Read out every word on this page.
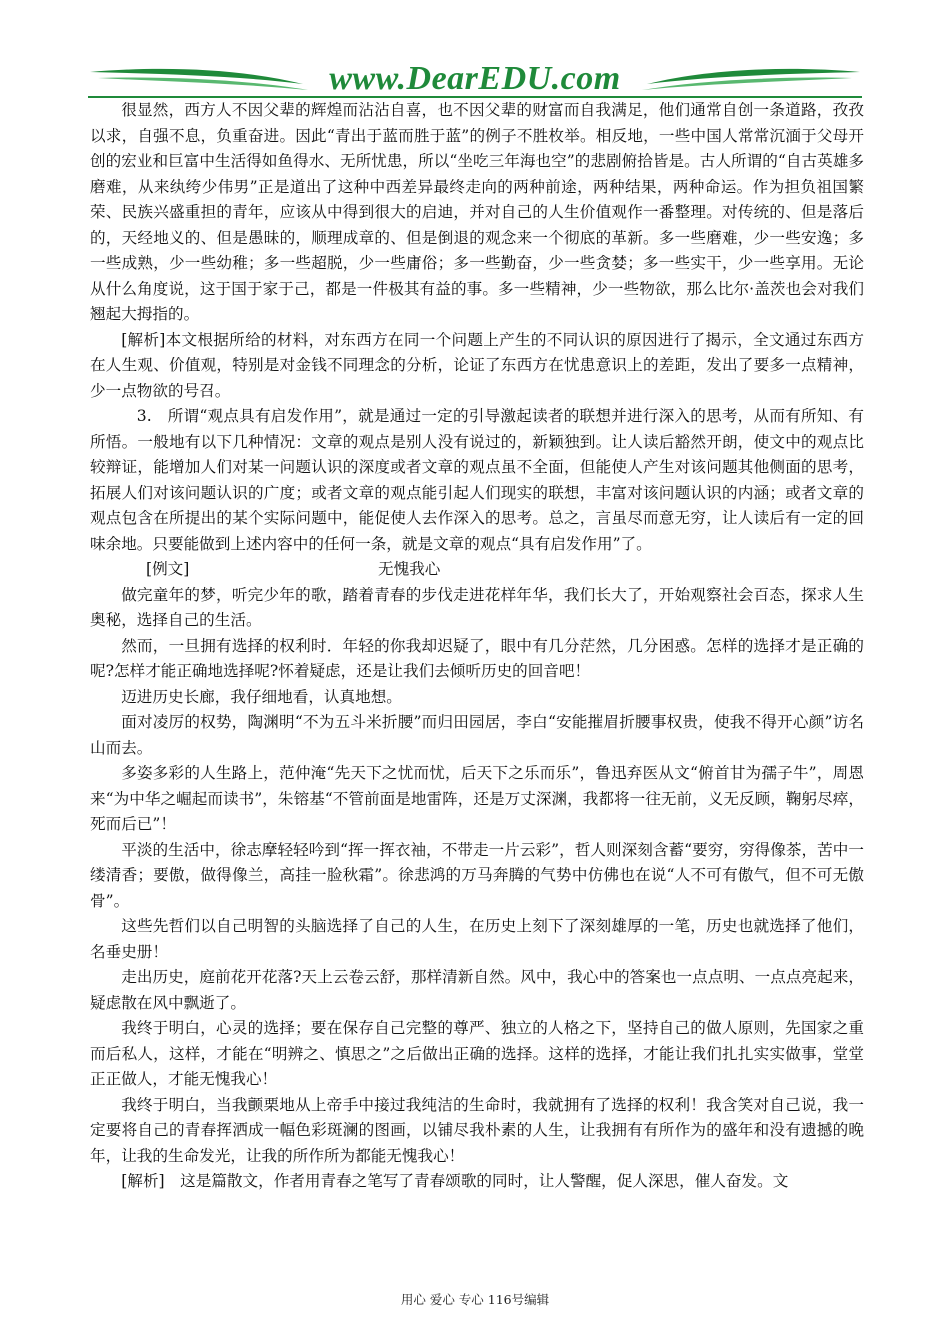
www.DearEDU.com

很显然，西方人不因父辈的辉煌而沾沾自喜，也不因父辈的财富而自我满足，他们通常自创一条道路，孜孜以求，自强不息，负重奋进。因此“青出于蓝而胜于蓝”的例子不胜枚举。相反地，一些中国人常常沉湎于父母开创的宏业和巨富中生活得如鱼得水、无所忧患，所以“坐吃三年海也空”的悲剧俯拾皆是。古人所谓的“自古英雄多磨难，从来纨绔少伟男”正是道出了这种中西差异最终走向的两种前途，两种结果，两种命运。作为担负祖国繁荣、民族兴盛重担的青年，应该从中得到很大的启迪，并对自己的人生价值观作一番整理。对传统的、但是落后的，天经地义的、但是愚昧的，顺理成章的、但是倒退的观念来一个彻底的革新。多一些磨难，少一些安逸；多一些成熟，少一些幼稚；多一些超脱，少一些庸俗；多一些勤奋，少一些贪婪；多一些实干，少一些享用。无论从什么角度说，这于国于家于己，都是一件极其有益的事。多一些精神，少一些物欲，那么比尔·盖茨也会对我们翘起大拇指的。

[解析]本文根据所给的材料，对东西方在同一个问题上产生的不同认识的原因进行了揭示，全文通过东西方在人生观、价值观，特别是对金钱不同理念的分析，论证了东西方在忧患意识上的差距，发出了要多一点精神，少一点物欲的号召。

3.　所谓“观点具有启发作用”，就是通过一定的引导激起读者的联想并进行深入的思考，从而有所知、有所悟。一般地有以下几种情况：文章的观点是别人没有说过的，新颖独到。让人读后豁然开朗，使文中的观点比较辩证，能增加人们对某一问题认识的深度或者文章的观点虽不全面，但能使人产生对该问题其他侧面的思考，拓展人们对该问题认识的广度；或者文章的观点能引起人们现实的联想，丰富对该问题认识的内涵；或者文章的观点包含在所提出的某个实际问题中，能促使人去作深入的思考。总之，言虽尽而意无穷，让人读后有一定的回味余地。只要能做到上述内容中的任何一条，就是文章的观点“具有启发作用”了。

[例文]	无愧我心

做完童年的梦，听完少年的歌，踏着青春的步伐走进花样年华，我们长大了，开始观察社会百态，探求人生奥秘，选择自己的生活。

然而，一旦拥有选择的权利时．年轻的你我却迟疑了，眼中有几分茫然，几分困惑。怎样的选择才是正确的呢?怎样才能正确地选择呢?怀着疑虑，还是让我们去倾听历史的回音吧！

迈进历史长廊，我仔细地看，认真地想。

面对凌厉的权势，陶渊明“不为五斗米折腰”而归田园居，李白“安能摧眉折腰事权贵，使我不得开心颜”访名山而去。

多姿多彩的人生路上，范仲淹“先天下之忧而忧，后天下之乐而乐”，鲁迅弃医从文“俯首甘为孺子牛”，周恩来“为中华之崛起而读书”，朱镕基“不管前面是地雷阵，还是万丈深渊，我都将一往无前，义无反顾，鞠躬尽瘁，死而后已”！

平淡的生活中，徐志摩轻轻吟到“挥一挥衣袖，不带走一片云彩”，哲人则深刻含蓄“要穷，穷得像茶，苦中一缕清香；要傲，做得像兰，高挂一脸秋霜”。徐悲鸿的万马奔腾的气势中仿佛也在说“人不可有傲气，但不可无傲骨”。

这些先哲们以自己明智的头脑选择了自己的人生，在历史上刻下了深刻雄厚的一笔，历史也就选择了他们，名垂史册！

走出历史，庭前花开花落?天上云卷云舒，那样清新自然。风中，我心中的答案也一点点明、一点点亮起来，疑虑散在风中飘逝了。

我终于明白，心灵的选择；要在保存自己完整的尊严、独立的人格之下，坚持自己的做人原则，先国家之重而后私人，这样，才能在“明辨之、慎思之”之后做出正确的选择。这样的选择，才能让我们扎扎实实做事，堂堂正正做人，才能无愧我心！

我终于明白，当我颤栗地从上帝手中接过我纯洁的生命时，我就拥有了选择的权利！我含笑对自己说，我一定要将自己的青春挥洒成一幅色彩斑澜的图画，以铺尽我朴素的人生，让我拥有有所作为的盛年和没有遗撼的晚年，让我的生命发光，让我的所作所为都能无愧我心！

[解析]　这是篇散文，作者用青春之笔写了青春颂歌的同时，让人警醒，促人深思，催人奋发。文

用心 爱心 专心 116号编辑
